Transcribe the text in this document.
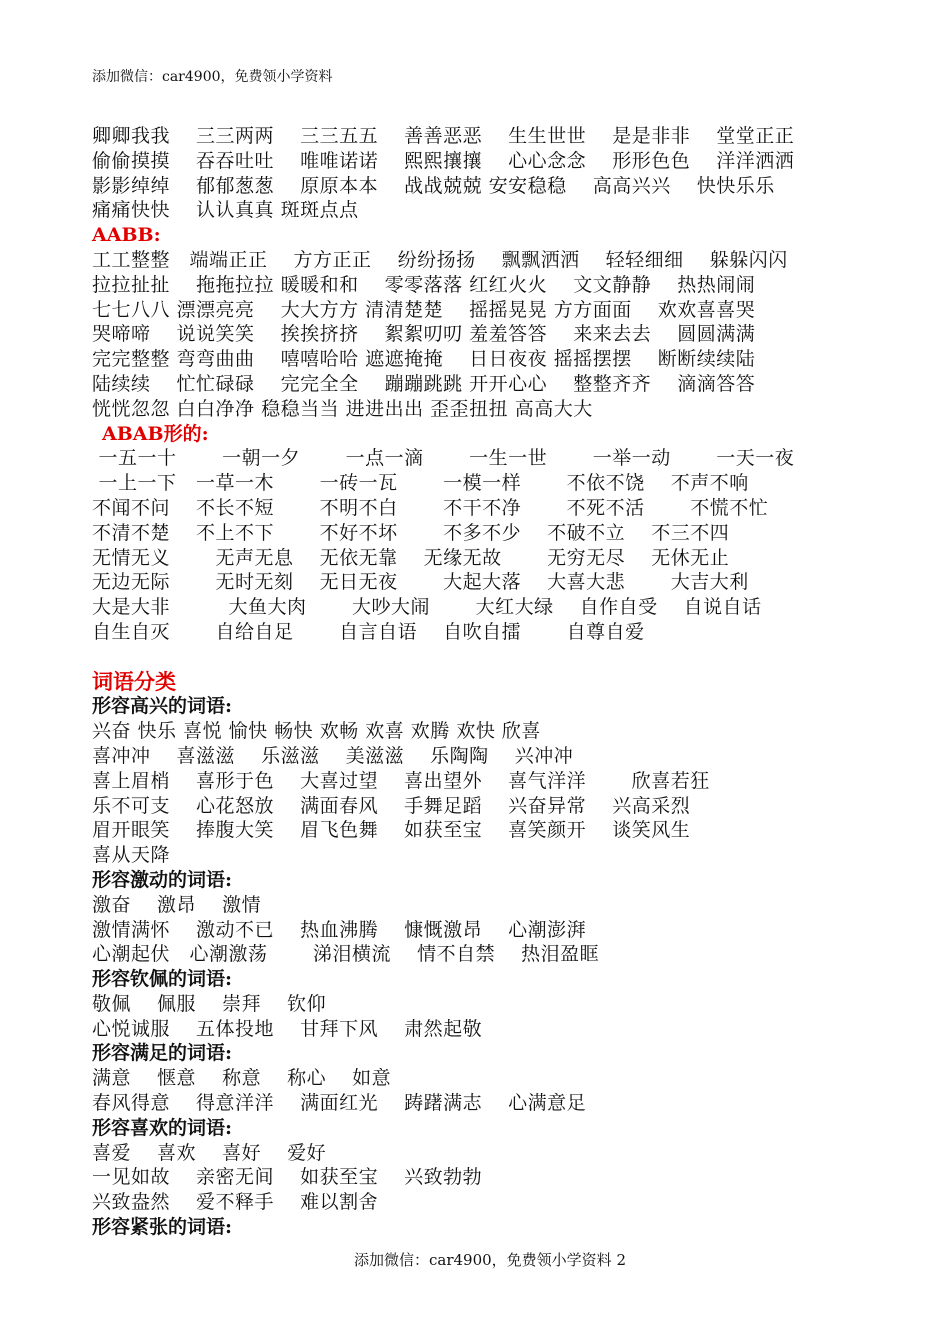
添加微信：car4900，免费领小学资料
卿卿我我　 三三两两　 三三五五　 善善恶恶　 生生世世　 是是非非　 堂堂正正
偷偷摸摸　 吞吞吐吐　 唯唯诺诺　 熙熙攘攘　 心心念念　 形形色色　 洋洋洒洒
影影绰绰　 郁郁葱葱　 原原本本　 战战兢兢 安安稳稳　 高高兴兴　 快快乐乐
痛痛快快　 认认真真 斑斑点点
AABB:
工工整整　端端正正　 方方正正　 纷纷扬扬　 飘飘洒洒　 轻轻细细　 躲躲闪闪
拉拉扯扯　 拖拖拉拉 暖暖和和　 零零落落 红红火火　 文文静静　 热热闹闹
七七八八 漂漂亮亮　 大大方方 清清楚楚　 摇摇晃晃 方方面面　 欢欢喜喜哭
哭啼啼　 说说笑笑　 挨挨挤挤　 絮絮叨叨 羞羞答答　 来来去去　 圆圆满满
完完整整 弯弯曲曲　 嘻嘻哈哈 遮遮掩掩　 日日夜夜 摇摇摆摆　 断断续续陆
陆续续　 忙忙碌碌　 完完全全　 蹦蹦跳跳 开开心心　 整整齐齐　 滴滴答答
恍恍忽忽 白白净净 稳稳当当 进进出出 歪歪扭扭 高高大大
ABAB形的:
一五一十　　 一朝一夕　　 一点一滴　　 一生一世　　 一举一动　　 一天一夜
一上一下　一草一木　　 一砖一瓦　　 一模一样　　 不依不饶　 不声不响
不闻不问　 不长不短　　 不明不白　　 不干不净　　 不死不活　　 不慌不忙
不清不楚　 不上不下　　 不好不坏　　 不多不少　 不破不立　 不三不四
无情无义　　 无声无息　 无依无靠　 无缘无故　　 无穷无尽　 无休无止
无边无际　　 无时无刻　 无日无夜　　 大起大落　 大喜大悲　　 大吉大利
大是大非　　　大鱼大肉　　 大吵大闹　　 大红大绿　 自作自受　 自说自话
自生自灭　　 自给自足　　 自言自语　 自吹自擂　　 自尊自爱
词语分类
形容高兴的词语:
兴奋 快乐 喜悦 愉快 畅快 欢畅 欢喜 欢腾 欢快 欣喜
喜冲冲　 喜滋滋　 乐滋滋　 美滋滋　 乐陶陶　 兴冲冲
喜上眉梢　 喜形于色　 大喜过望　 喜出望外　 喜气洋洋　　 欣喜若狂
乐不可支　 心花怒放　 满面春风　 手舞足蹈　 兴奋异常　 兴高采烈
眉开眼笑　 捧腹大笑　 眉飞色舞　 如获至宝　 喜笑颜开　 谈笑风生
喜从天降
形容激动的词语:
激奋　 激昂　 激情
激情满怀　 激动不已　 热血沸腾　 慷慨激昂　 心潮澎湃
心潮起伏　心潮激荡　　 涕泪横流　 情不自禁　 热泪盈眶
形容钦佩的词语:
敬佩　 佩服　 崇拜　 钦仰
心悦诚服　 五体投地　 甘拜下风　 肃然起敬
形容满足的词语:
满意　 惬意　 称意　 称心　 如意
春风得意　 得意洋洋　 满面红光　 踌躇满志　 心满意足
形容喜欢的词语:
喜爱　 喜欢　 喜好　 爱好
一见如故　 亲密无间　 如获至宝　 兴致勃勃
兴致盎然　 爱不释手　 难以割舍
形容紧张的词语:
添加微信：car4900，免费领小学资料 2
